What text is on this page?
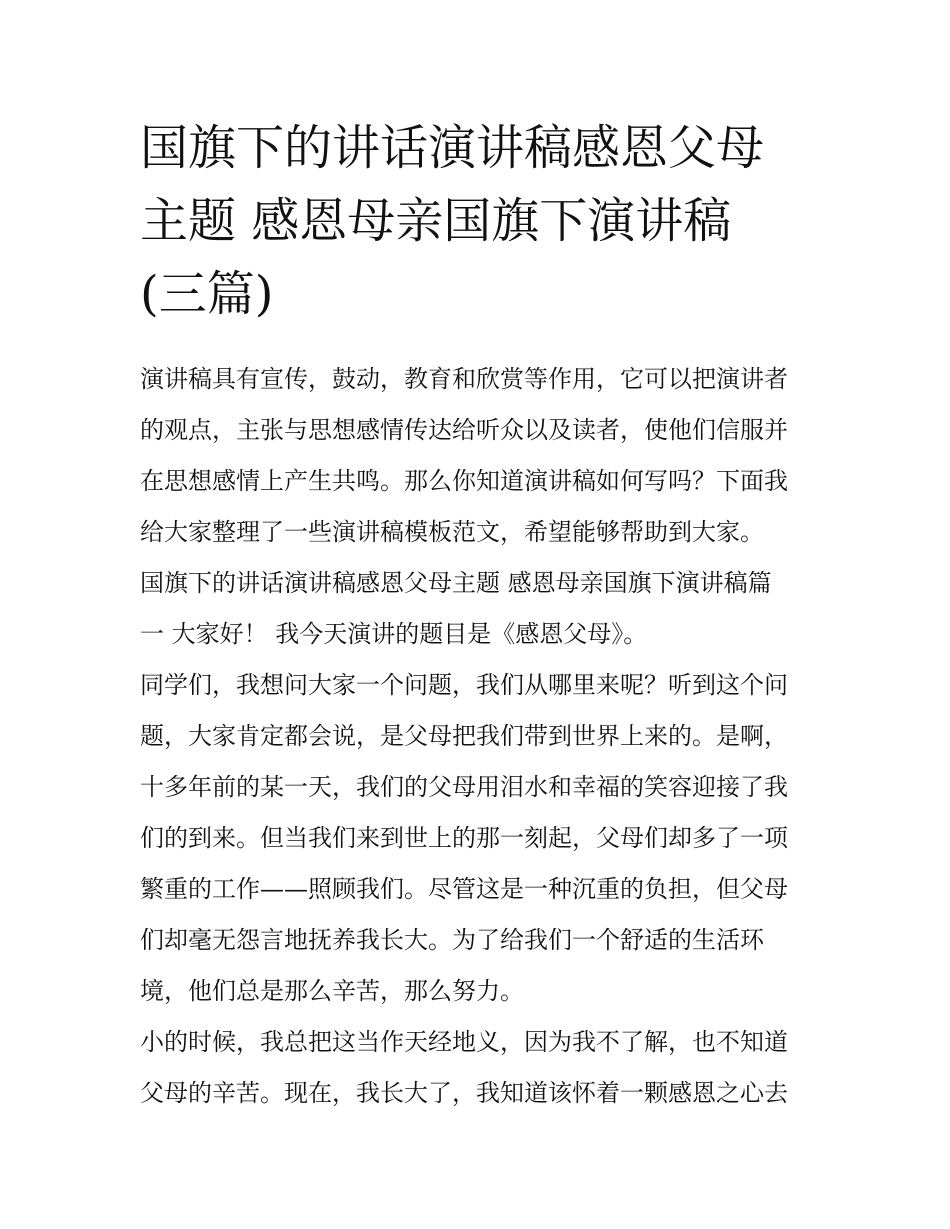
国旗下的讲话演讲稿感恩父母
主题 感恩母亲国旗下演讲稿
(三篇)
演讲稿具有宣传，鼓动，教育和欣赏等作用，它可以把演讲者
的观点，主张与思想感情传达给听众以及读者，使他们信服并
在思想感情上产生共鸣。那么你知道演讲稿如何写吗？下面我
给大家整理了一些演讲稿模板范文，希望能够帮助到大家。
国旗下的讲话演讲稿感恩父母主题 感恩母亲国旗下演讲稿篇
一 大家好！ 我今天演讲的题目是《感恩父母》。
同学们，我想问大家一个问题，我们从哪里来呢？听到这个问
题，大家肯定都会说，是父母把我们带到世界上来的。是啊，
十多年前的某一天，我们的父母用泪水和幸福的笑容迎接了我
们的到来。但当我们来到世上的那一刻起，父母们却多了一项
繁重的工作——照顾我们。尽管这是一种沉重的负担，但父母
们却毫无怨言地抚养我长大。为了给我们一个舒适的生活环
境，他们总是那么辛苦，那么努力。
小的时候，我总把这当作天经地义，因为我不了解，也不知道
父母的辛苦。现在，我长大了，我知道该怀着一颗感恩之心去
